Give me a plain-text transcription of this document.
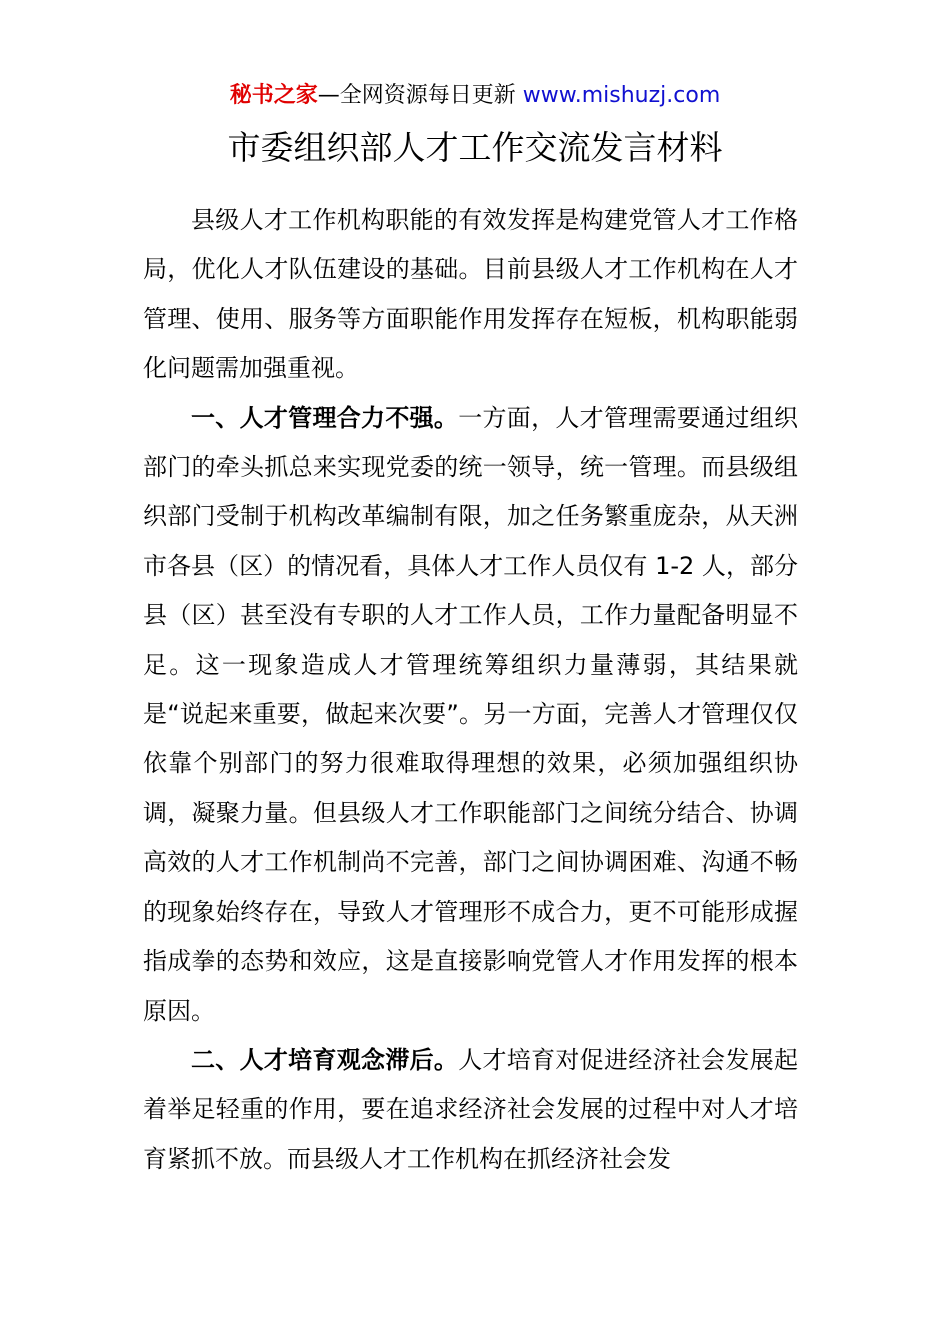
秘书之家—全网资源每日更新 www.mishuzj.com
市委组织部人才工作交流发言材料

县级人才工作机构职能的有效发挥是构建党管人才工作格局，优化人才队伍建设的基础。目前县级人才工作机构在人才管理、使用、服务等方面职能作用发挥存在短板，机构职能弱化问题需加强重视。

一、人才管理合力不强。一方面，人才管理需要通过组织部门的牵头抓总来实现党委的统一领导，统一管理。而县级组织部门受制于机构改革编制有限，加之任务繁重庞杂，从天洲市各县（区）的情况看，具体人才工作人员仅有 1-2 人，部分县（区）甚至没有专职的人才工作人员，工作力量配备明显不足。这一现象造成人才管理统筹组织力量薄弱，其结果就是“说起来重要，做起来次要”。另一方面，完善人才管理仅仅依靠个别部门的努力很难取得理想的效果，必须加强组织协调，凝聚力量。但县级人才工作职能部门之间统分结合、协调高效的人才工作机制尚不完善，部门之间协调困难、沟通不畅的现象始终存在，导致人才管理形不成合力，更不可能形成握指成拳的态势和效应，这是直接影响党管人才作用发挥的根本原因。

二、人才培育观念滞后。人才培育对促进经济社会发展起着举足轻重的作用，要在追求经济社会发展的过程中对人才培育紧抓不放。而县级人才工作机构在抓经济社会发
